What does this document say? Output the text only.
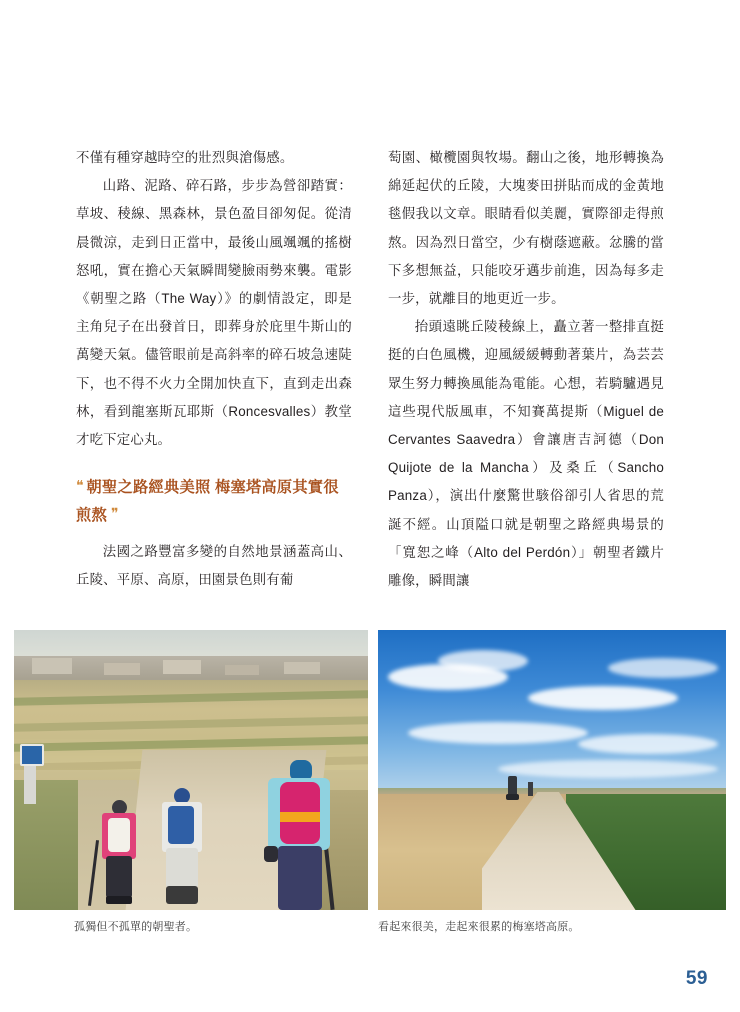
不僅有種穿越時空的壯烈與滄傷感。

山路、泥路、碎石路，步步為營卻踏實：草坡、稜線、黑森林，景色盈目卻匆促。從清晨微涼，走到日正當中，最後山風颯颯的搖樹怒吼，實在擔心天氣瞬間變臉雨勢來襲。電影《朝聖之路（The Way）》的劇情設定，即是主角兒子在出發首日，即葬身於庇里牛斯山的萬變天氣。儘管眼前是高斜率的碎石坡急速陡下，也不得不火力全開加快直下，直到走出森林，看到龍塞斯瓦耶斯（Roncesvalles）教堂才吃下定心丸。

❝ 朝聖之路經典美照 梅塞塔高原其實很煎熬 ❞

法國之路豐富多變的自然地景涵蓋高山、丘陵、平原、高原，田園景色則有葡

萄園、橄欖園與牧場。翻山之後，地形轉換為綿延起伏的丘陵，大塊麥田拼貼而成的金黃地毯假我以文章。眼睛看似美麗，實際卻走得煎熬。因為烈日當空，少有樹蔭遮蔽。忿騰的當下多想無益，只能咬牙邁步前進，因為每多走一步，就離目的地更近一步。

抬頭遠眺丘陵稜線上，矗立著一整排直挺挺的白色風機，迎風緩緩轉動著葉片，為芸芸眾生努力轉換風能為電能。心想，若騎驢遇見這些現代版風車，不知賽萬提斯（Miguel de Cervantes Saavedra）會讓唐吉訶德（Don Quijote de la Mancha）及桑丘（Sancho Panza），演出什麼驚世駭俗卻引人省思的荒誕不經。山頂隘口就是朝聖之路經典場景的「寬恕之峰（Alto del Perdón）」朝聖者鐵片雕像，瞬間讓

孤獨但不孤單的朝聖者。	看起來很美，走起來很累的梅塞塔高原。
59
